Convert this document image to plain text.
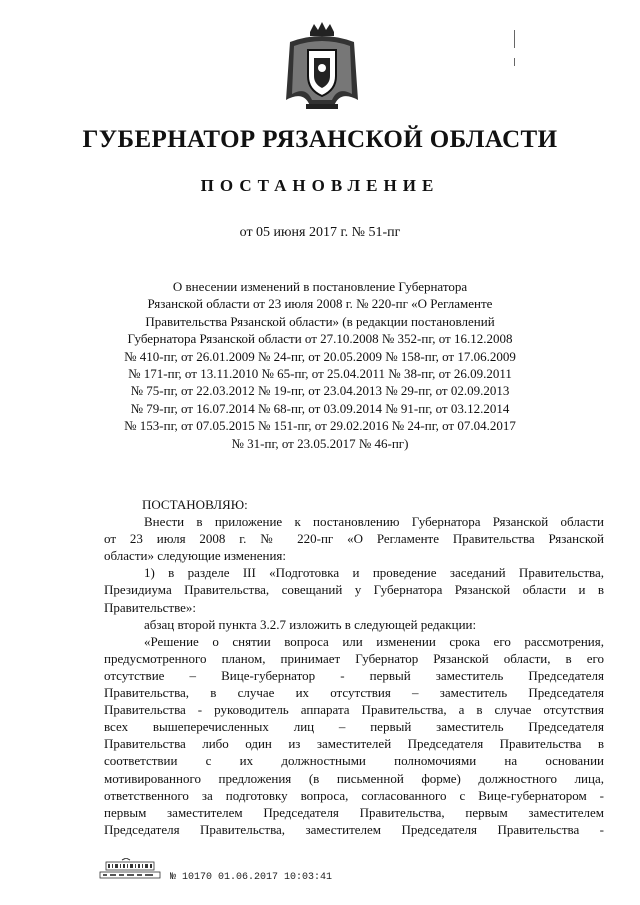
ГУБЕРНАТОР РЯЗАНСКОЙ ОБЛАСТИ
ПОСТАНОВЛЕНИЕ
от 05 июня 2017 г. № 51-пг
О внесении изменений в постановление Губернатора
Рязанской области от 23 июля 2008 г. № 220-пг «О Регламенте
Правительства Рязанской области» (в редакции постановлений
Губернатора Рязанской области от 27.10.2008 № 352-пг, от 16.12.2008
№ 410-пг, от 26.01.2009 № 24-пг, от 20.05.2009 № 158-пг, от 17.06.2009
№ 171-пг, от 13.11.2010 № 65-пг, от 25.04.2011 № 38-пг, от 26.09.2011
№ 75-пг, от 22.03.2012 № 19-пг, от 23.04.2013 № 29-пг, от 02.09.2013
№ 79-пг, от 16.07.2014 № 68-пг, от 03.09.2014 № 91-пг, от 03.12.2014
№ 153-пг, от 07.05.2015 № 151-пг, от 29.02.2016 № 24-пг, от 07.04.2017
№ 31-пг, от 23.05.2017 № 46-пг)
ПОСТАНОВЛЯЮ:
Внести в приложение к постановлению Губернатора Рязанской области
от 23 июля 2008 г. № 220-пг «О Регламенте Правительства Рязанской
области» следующие изменения:
1) в разделе III «Подготовка и проведение заседаний Правительства,
Президиума Правительства, совещаний у Губернатора Рязанской области и в
Правительстве»:
абзац второй пункта 3.2.7 изложить в следующей редакции:
«Решение о снятии вопроса или изменении срока его рассмотрения,
предусмотренного планом, принимает Губернатор Рязанской области, в его
отсутствие – Вице-губернатор - первый заместитель Председателя
Правительства, в случае их отсутствия – заместитель Председателя
Правительства - руководитель аппарата Правительства, а в случае отсутствия
всех вышеперечисленных лиц – первый заместитель Председателя
Правительства либо один из заместителей Председателя Правительства в
соответствии с их должностными полномочиями на основании
мотивированного предложения (в письменной форме) должностного лица,
ответственного за подготовку вопроса, согласованного с Вице-губернатором -
первым заместителем Председателя Правительства, первым заместителем
Председателя Правительства, заместителем Председателя Правительства -
№ 10170 01.06.2017 10:03:41
